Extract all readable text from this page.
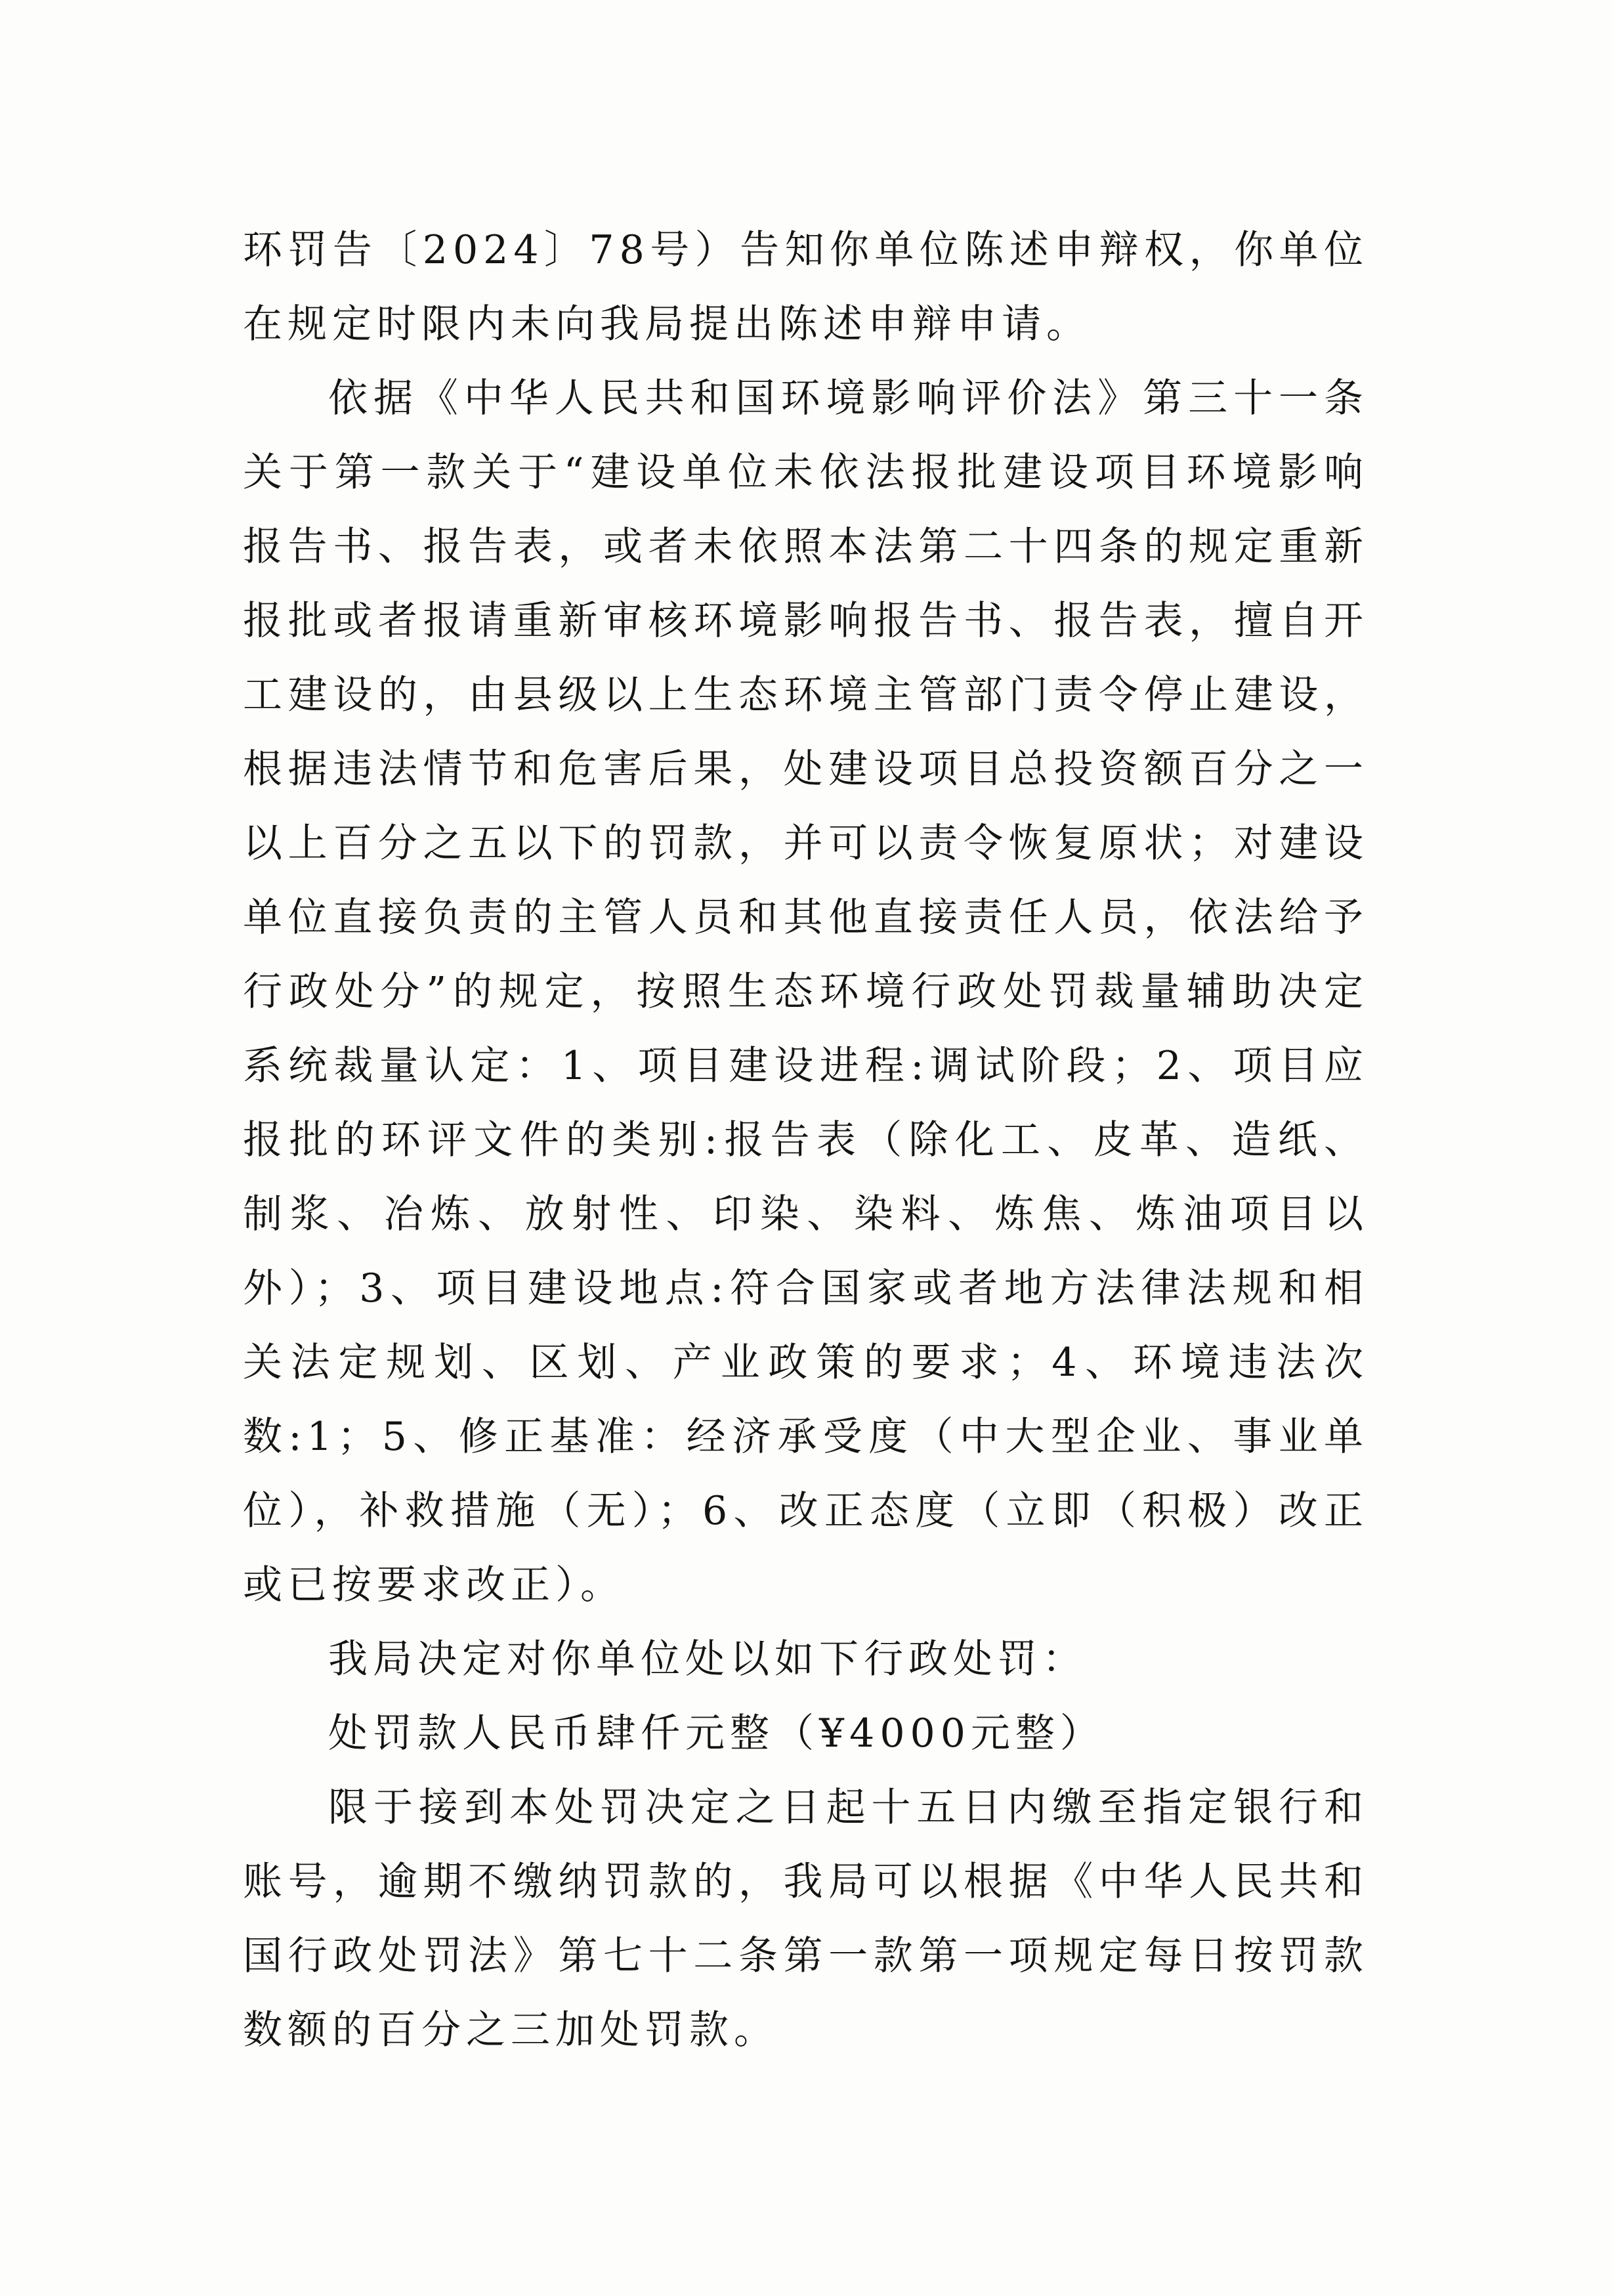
环罚告〔2024〕78号）告知你单位陈述申辩权，你单位在规定时限内未向我局提出陈述申辩申请。

依据《中华人民共和国环境影响评价法》第三十一条关于第一款关于“建设单位未依法报批建设项目环境影响报告书、报告表，或者未依照本法第二十四条的规定重新报批或者报请重新审核环境影响报告书、报告表，擅自开工建设的，由县级以上生态环境主管部门责令停止建设，根据违法情节和危害后果，处建设项目总投资额百分之一以上百分之五以下的罚款，并可以责令恢复原状；对建设单位直接负责的主管人员和其他直接责任人员，依法给予行政处分”的规定，按照生态环境行政处罚裁量辅助决定系统裁量认定：1、项目建设进程:调试阶段；2、项目应报批的环评文件的类别:报告表（除化工、皮革、造纸、制浆、冶炼、放射性、印染、染料、炼焦、炼油项目以外）；3、项目建设地点:符合国家或者地方法律法规和相关法定规划、区划、产业政策的要求；4、环境违法次数:1；5、修正基准：经济承受度（中大型企业、事业单位），补救措施（无）；6、改正态度（立即（积极）改正或已按要求改正）。

我局决定对你单位处以如下行政处罚：

处罚款人民币肆仟元整（¥4000元整）

限于接到本处罚决定之日起十五日内缴至指定银行和账号，逾期不缴纳罚款的，我局可以根据《中华人民共和国行政处罚法》第七十二条第一款第一项规定每日按罚款数额的百分之三加处罚款。
